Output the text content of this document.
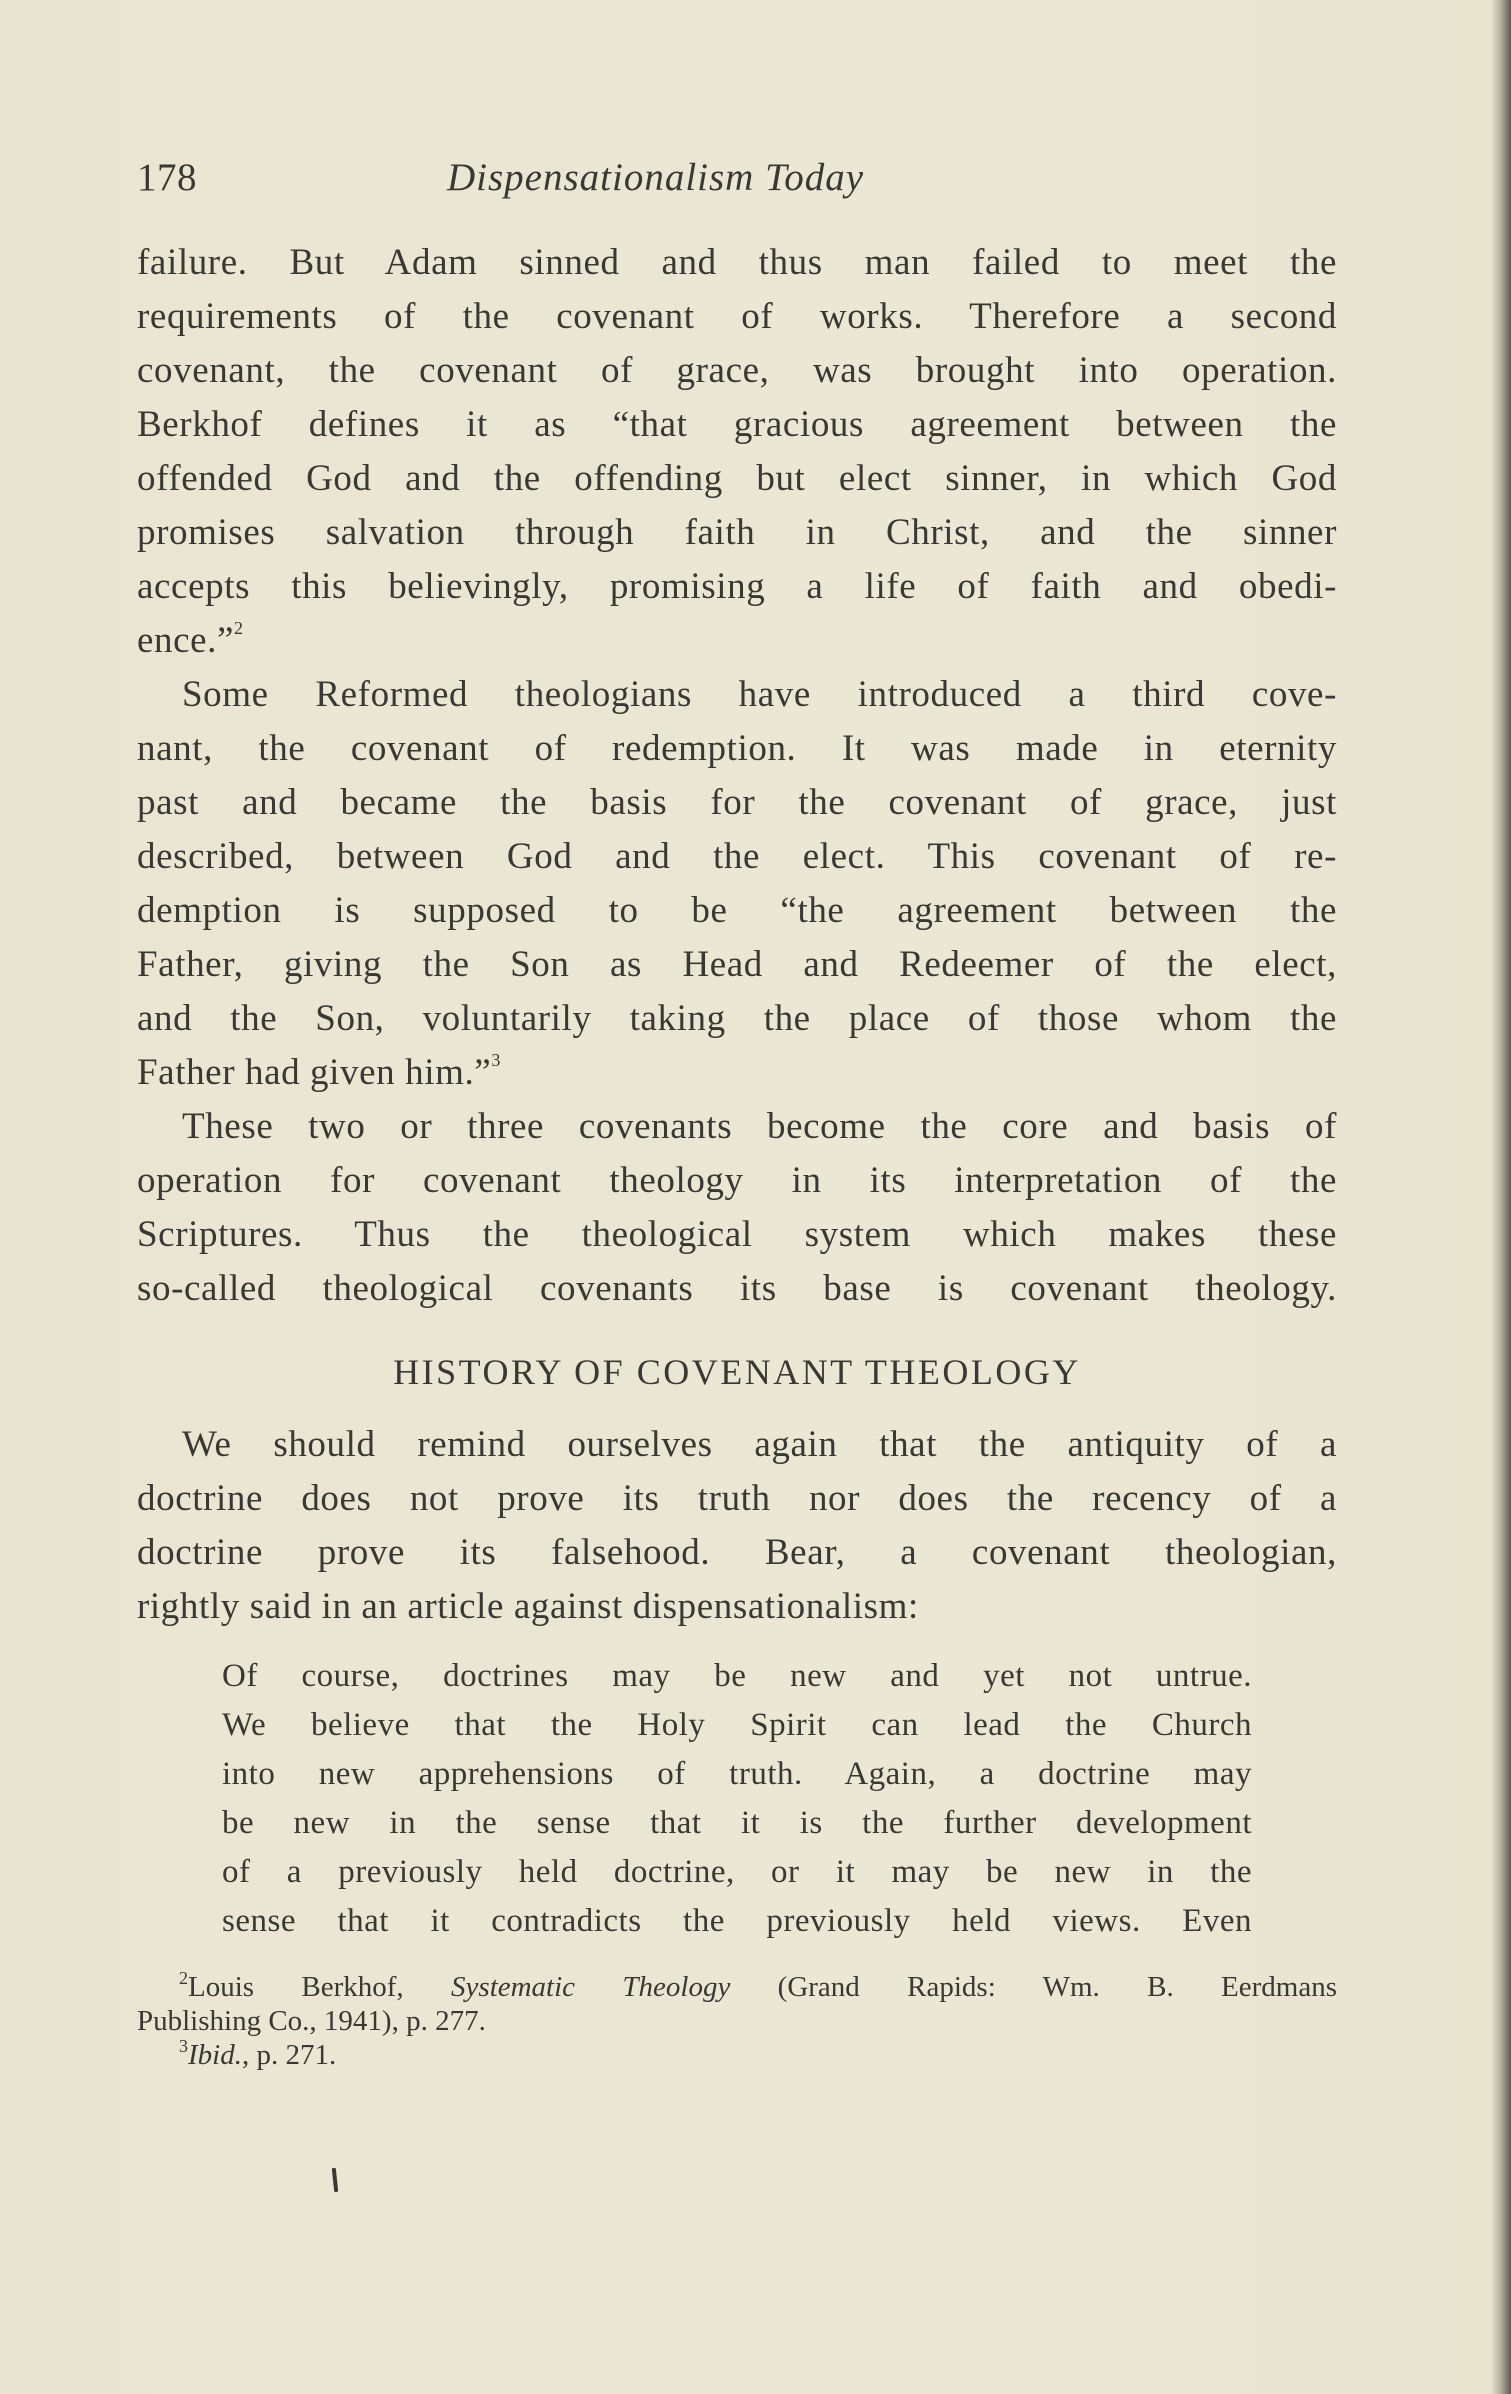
178	Dispensationalism Today
failure. But Adam sinned and thus man failed to meet the
requirements of the covenant of works. Therefore a second
covenant, the covenant of grace, was brought into operation.
Berkhof defines it as “that gracious agreement between the
offended God and the offending but elect sinner, in which God
promises salvation through faith in Christ, and the sinner
accepts this believingly, promising a life of faith and obedi-
ence.”$^2$
Some Reformed theologians have introduced a third cove-
nant, the covenant of redemption. It was made in eternity
past and became the basis for the covenant of grace, just
described, between God and the elect. This covenant of re-
demption is supposed to be “the agreement between the
Father, giving the Son as Head and Redeemer of the elect,
and the Son, voluntarily taking the place of those whom the
Father had given him.”$^3$
These two or three covenants become the core and basis of
operation for covenant theology in its interpretation of the
Scriptures. Thus the theological system which makes these
so-called theological covenants its base is covenant theology.
HISTORY OF COVENANT THEOLOGY
We should remind ourselves again that the antiquity of a
doctrine does not prove its truth nor does the recency of a
doctrine prove its falsehood. Bear, a covenant theologian,
rightly said in an article against dispensationalism:
Of course, doctrines may be new and yet not untrue.
We believe that the Holy Spirit can lead the Church
into new apprehensions of truth. Again, a doctrine may
be new in the sense that it is the further development
of a previously held doctrine, or it may be new in the
sense that it contradicts the previously held views. Even
$^2$Louis Berkhof, Systematic Theology (Grand Rapids: Wm. B. Eerdmans
Publishing Co., 1941), p. 277.
$^3$Ibid., p. 271.
